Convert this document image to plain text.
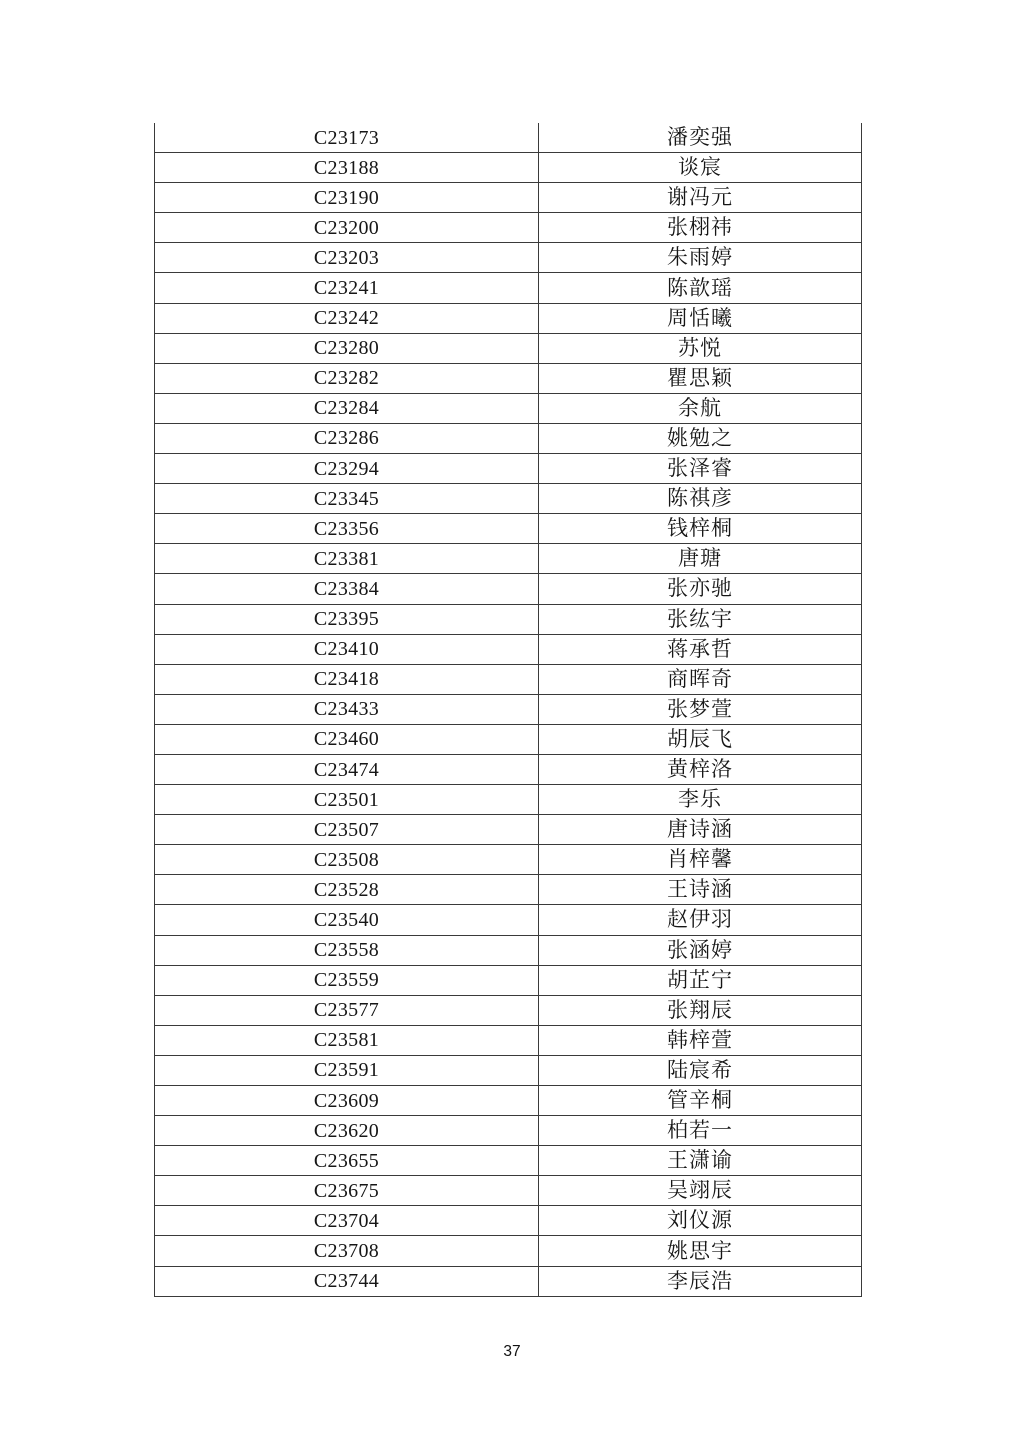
C23173	潘奕强
C23188	谈宸
C23190	谢冯元
C23200	张栩祎
C23203	朱雨婷
C23241	陈歆瑶
C23242	周恬曦
C23280	苏悦
C23282	瞿思颖
C23284	余航
C23286	姚勉之
C23294	张泽睿
C23345	陈祺彦
C23356	钱梓桐
C23381	唐瑭
C23384	张亦驰
C23395	张纮宇
C23410	蒋承哲
C23418	商晖奇
C23433	张梦萱
C23460	胡辰飞
C23474	黄梓洛
C23501	李乐
C23507	唐诗涵
C23508	肖梓馨
C23528	王诗涵
C23540	赵伊羽
C23558	张涵婷
C23559	胡芷宁
C23577	张翔辰
C23581	韩梓萱
C23591	陆宸希
C23609	管辛桐
C23620	柏若一
C23655	王潇谕
C23675	吴翊辰
C23704	刘仪源
C23708	姚思宇
C23744	李辰浩
37
